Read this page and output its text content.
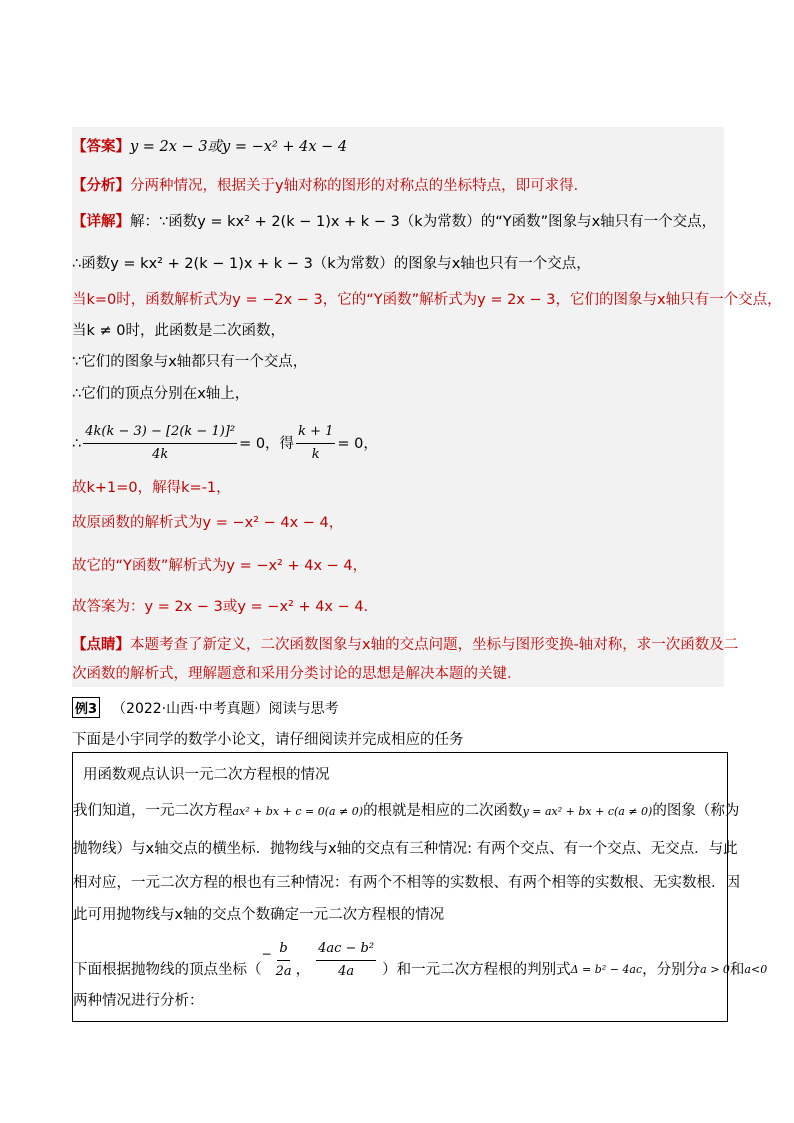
【答案】y = 2x − 3或y = −x² + 4x − 4
【分析】分两种情况，根据关于y轴对称的图形的对称点的坐标特点，即可求得．
【详解】解：∵函数y = kx² + 2(k − 1)x + k − 3（k为常数）的“Y函数”图象与x轴只有一个交点，
∴函数y = kx² + 2(k − 1)x + k − 3（k为常数）的图象与x轴也只有一个交点，
当k=0时，函数解析式为y = −2x − 3，它的“Y函数”解析式为y = 2x − 3，它们的图象与x轴只有一个交点，
当k ≠ 0时，此函数是二次函数，
∵它们的图象与x轴都只有一个交点，
∴它们的顶点分别在x轴上，
∴ $\frac{\text{4k(k − 3) − [2(k − 1)]²}}{4k} = 0$，得 $\frac{k + 1}{k} = 0$，
故k+1=0，解得k=-1，
故原函数的解析式为y = −x² − 4x − 4，
故它的“Y函数”解析式为y = −x² + 4x − 4，
故答案为：y = 2x − 3或y = −x² + 4x − 4．
【点睛】本题考查了新定义，二次函数图象与x轴的交点问题，坐标与图形变换-轴对称，求一次函数及二
次函数的解析式，理解题意和采用分类讨论的思想是解决本题的关键．
例3 （2022·山西·中考真题）阅读与思考
下面是小宇同学的数学小论文，请仔细阅读并完成相应的任务
用函数观点认识一元二次方程根的情况
我们知道，一元二次方程ax² + bx + c = 0(a ≠ 0)的根就是相应的二次函数y = ax² + bx + c(a ≠ 0)的图象（称为
抛物线）与x轴交点的横坐标．抛物线与x轴的交点有三种情况: 有两个交点、有一个交点、无交点．与此
相对应，一元二次方程的根也有三种情况：有两个不相等的实数根、有两个相等的实数根、无实数根．因
此可用抛物线与x轴的交点个数确定一元二次方程根的情况
下面根据抛物线的顶点坐标（
− $\frac{b}{2a}$ ， $\frac{\text{4ac − b²}}{4a}$ ）和一元二次方程根的判别式 Δ = b² − 4ac ，分别分 a > 0 和 a<0
两种情况进行分析：
